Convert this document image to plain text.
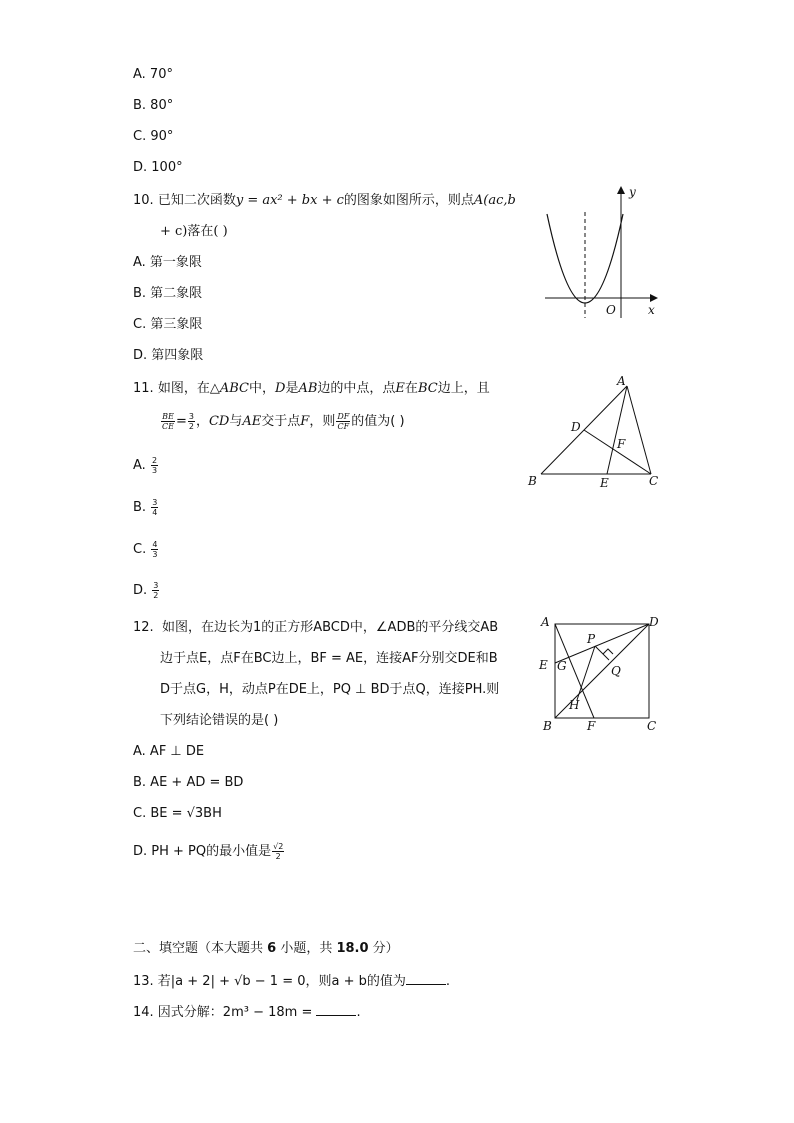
A. 70°
B. 80°
C. 90°
D. 100°
10. 已知二次函数y = ax² + bx + c的图象如图所示，则点A(ac,b
+ c)落在( )
A. 第一象限
B. 第二象限
C. 第三象限
D. 第四象限
y
x
O
11. 如图，在△ABC中，D是AB边的中点，点E在BC边上，且
$\frac{BE}{CE} = \frac{3}{2}$ ，CD与AE交于点F，则 $\frac{DF}{CF}$ 的值为( )
A. $\frac{2}{3}$
B. $\frac{3}{4}$
C. $\frac{4}{3}$
D. $\frac{3}{2}$
A
B	C
D
E
F
12. 如图，在边长为1的正方形ABCD中，∠ADB的平分线交AB
边于点E，点F在BC边上，BF = AE，连接AF分别交DE和B
D于点G，H，动点P在DE上，PQ ⊥ BD于点Q，连接PH.则
下列结论错误的是( )
A. AF ⊥ DE
B. AE + AD = BD
C. BE = √3BH
D. PH + PQ的最小值是 $\frac{√2}{2}$
A
B	C
D
E
F
G
H
P
Q
二、填空题（本大题共 6 小题，共 18.0 分）
13. 若|a + 2| + √b − 1 = 0，则a + b的值为	.
14. 因式分解：2m³ − 18m =	.
